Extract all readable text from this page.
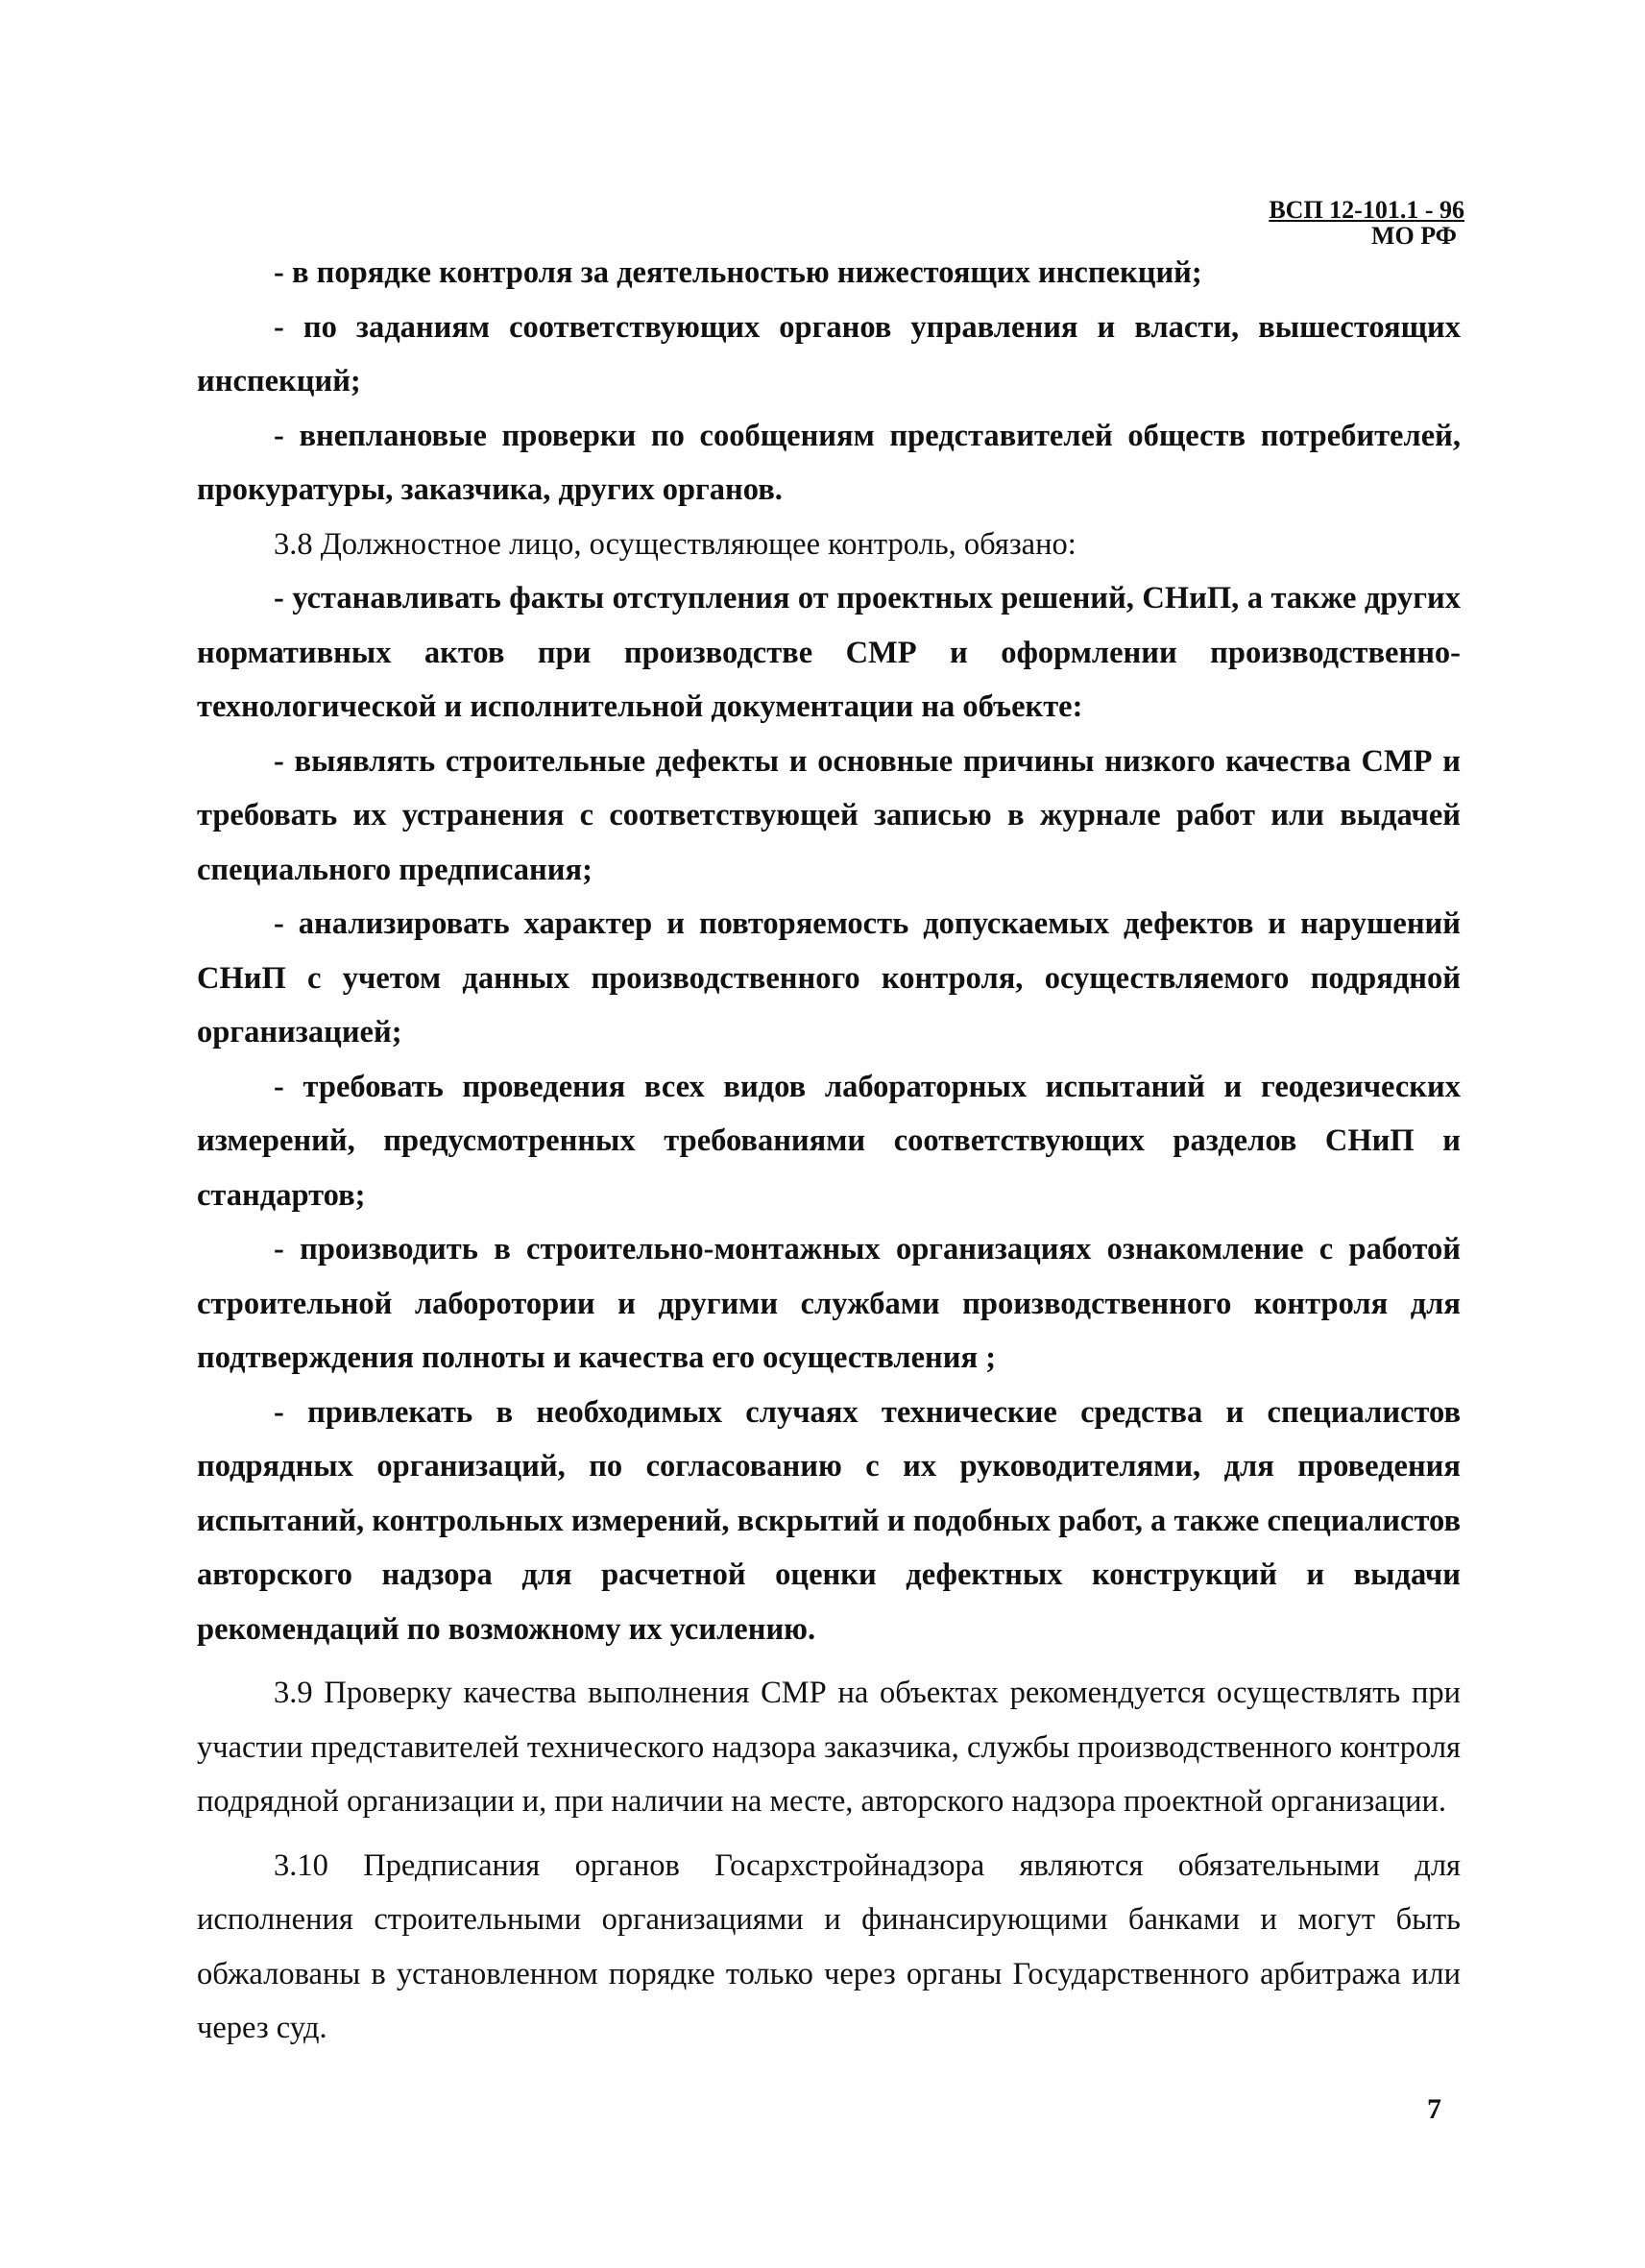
ВСП 12-101.1 - 96
МО РФ

- в порядке контроля за деятельностью нижестоящих инспекций;

- по заданиям соответствующих органов управления и власти, вышестоящих инспекций;

- внеплановые проверки по сообщениям представителей обществ потребителей, прокуратуры, заказчика, других органов.

3.8 Должностное лицо, осуществляющее контроль, обязано:

- устанавливать факты отступления от проектных решений, СНиП, а также других нормативных актов при производстве СМР и оформлении производственно-технологической и исполнительной документации на объекте:

- выявлять строительные дефекты и основные причины низкого качества СМР и требовать их устранения с соответствующей записью в журнале работ или выдачей специального предписания;

- анализировать характер и повторяемость допускаемых дефектов и нарушений СНиП с учетом данных производственного контроля, осуществляемого подрядной организацией;

- требовать проведения всех видов лабораторных испытаний и геодезических измерений, предусмотренных требованиями соответствующих разделов СНиП и стандартов;

- производить в строительно-монтажных организациях ознакомление с работой строительной лаборотории и другими службами производственного контроля для подтверждения полноты и качества его осуществления ;

- привлекать в необходимых случаях технические средства и специалистов подрядных организаций, по согласованию с их руководителями, для проведения испытаний, контрольных измерений, вскрытий и подобных работ, а также специалистов авторского надзора для расчетной оценки дефектных конструкций и выдачи рекомендаций по возможному их усилению.

3.9 Проверку качества выполнения СМР на объектах рекомендуется осуществлять при участии представителей технического надзора заказчика, службы производственного контроля подрядной организации и, при наличии на месте, авторского надзора проектной организации.

3.10 Предписания органов Госархстройнадзора являются обязательными для исполнения строительными организациями и финансирующими банками и могут быть обжалованы в установленном порядке только через органы Государственного арбитража или через суд.

7
